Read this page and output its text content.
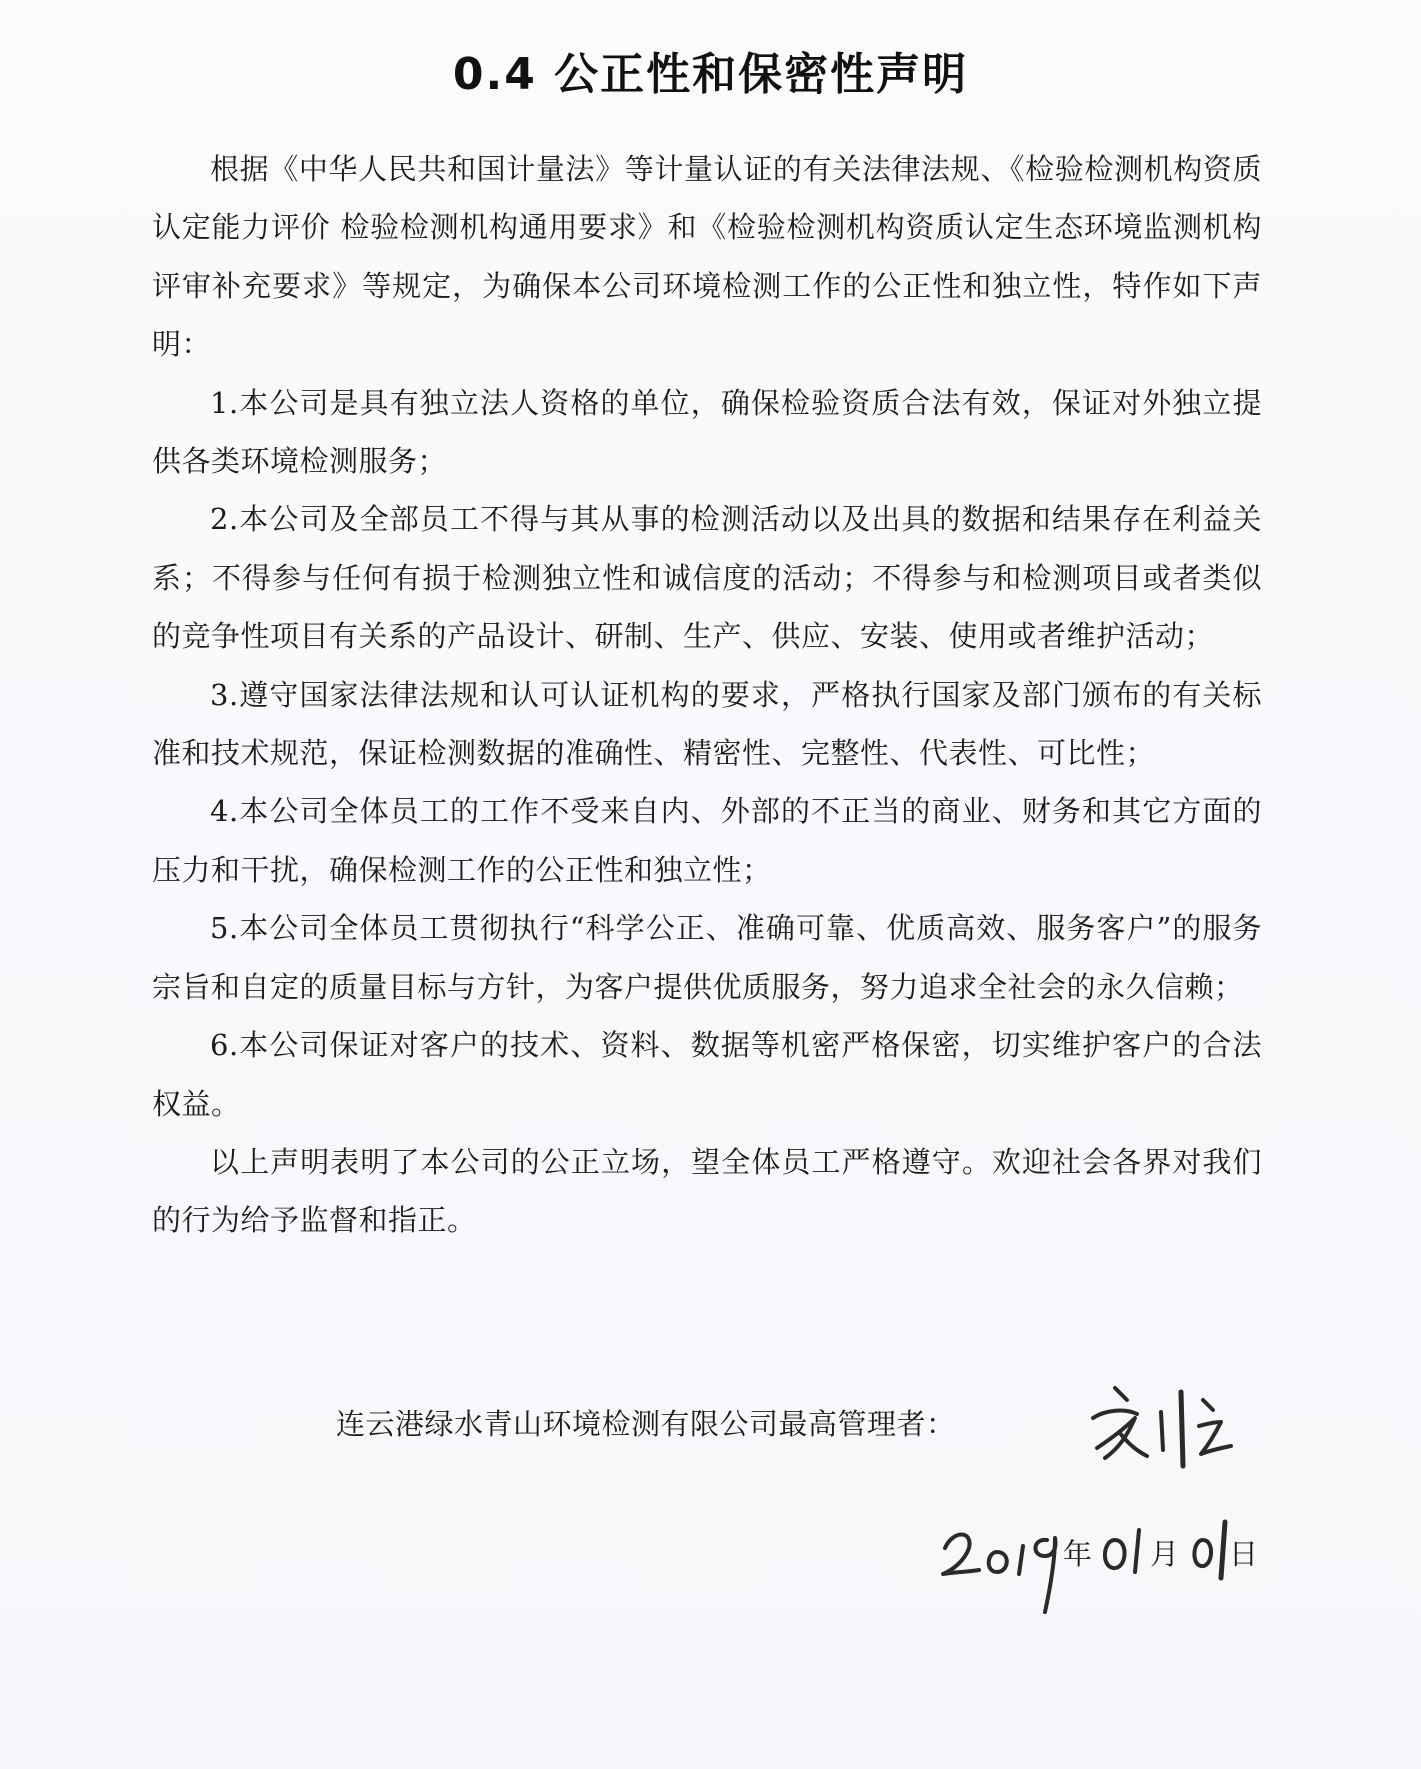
0.4 公正性和保密性声明

根据《中华人民共和国计量法》等计量认证的有关法律法规、《检验检测机构资质认定能力评价 检验检测机构通用要求》和《检验检测机构资质认定生态环境监测机构评审补充要求》等规定，为确保本公司环境检测工作的公正性和独立性，特作如下声明：

1.本公司是具有独立法人资格的单位，确保检验资质合法有效，保证对外独立提供各类环境检测服务；

2.本公司及全部员工不得与其从事的检测活动以及出具的数据和结果存在利益关系；不得参与任何有损于检测独立性和诚信度的活动；不得参与和检测项目或者类似的竞争性项目有关系的产品设计、研制、生产、供应、安装、使用或者维护活动；

3.遵守国家法律法规和认可认证机构的要求，严格执行国家及部门颁布的有关标准和技术规范，保证检测数据的准确性、精密性、完整性、代表性、可比性；

4.本公司全体员工的工作不受来自内、外部的不正当的商业、财务和其它方面的压力和干扰，确保检测工作的公正性和独立性；

5.本公司全体员工贯彻执行“科学公正、准确可靠、优质高效、服务客户”的服务宗旨和自定的质量目标与方针，为客户提供优质服务，努力追求全社会的永久信赖；

6.本公司保证对客户的技术、资料、数据等机密严格保密，切实维护客户的合法权益。

以上声明表明了本公司的公正立场，望全体员工严格遵守。欢迎社会各界对我们的行为给予监督和指正。

连云港绿水青山环境检测有限公司最高管理者：
年 月 日
